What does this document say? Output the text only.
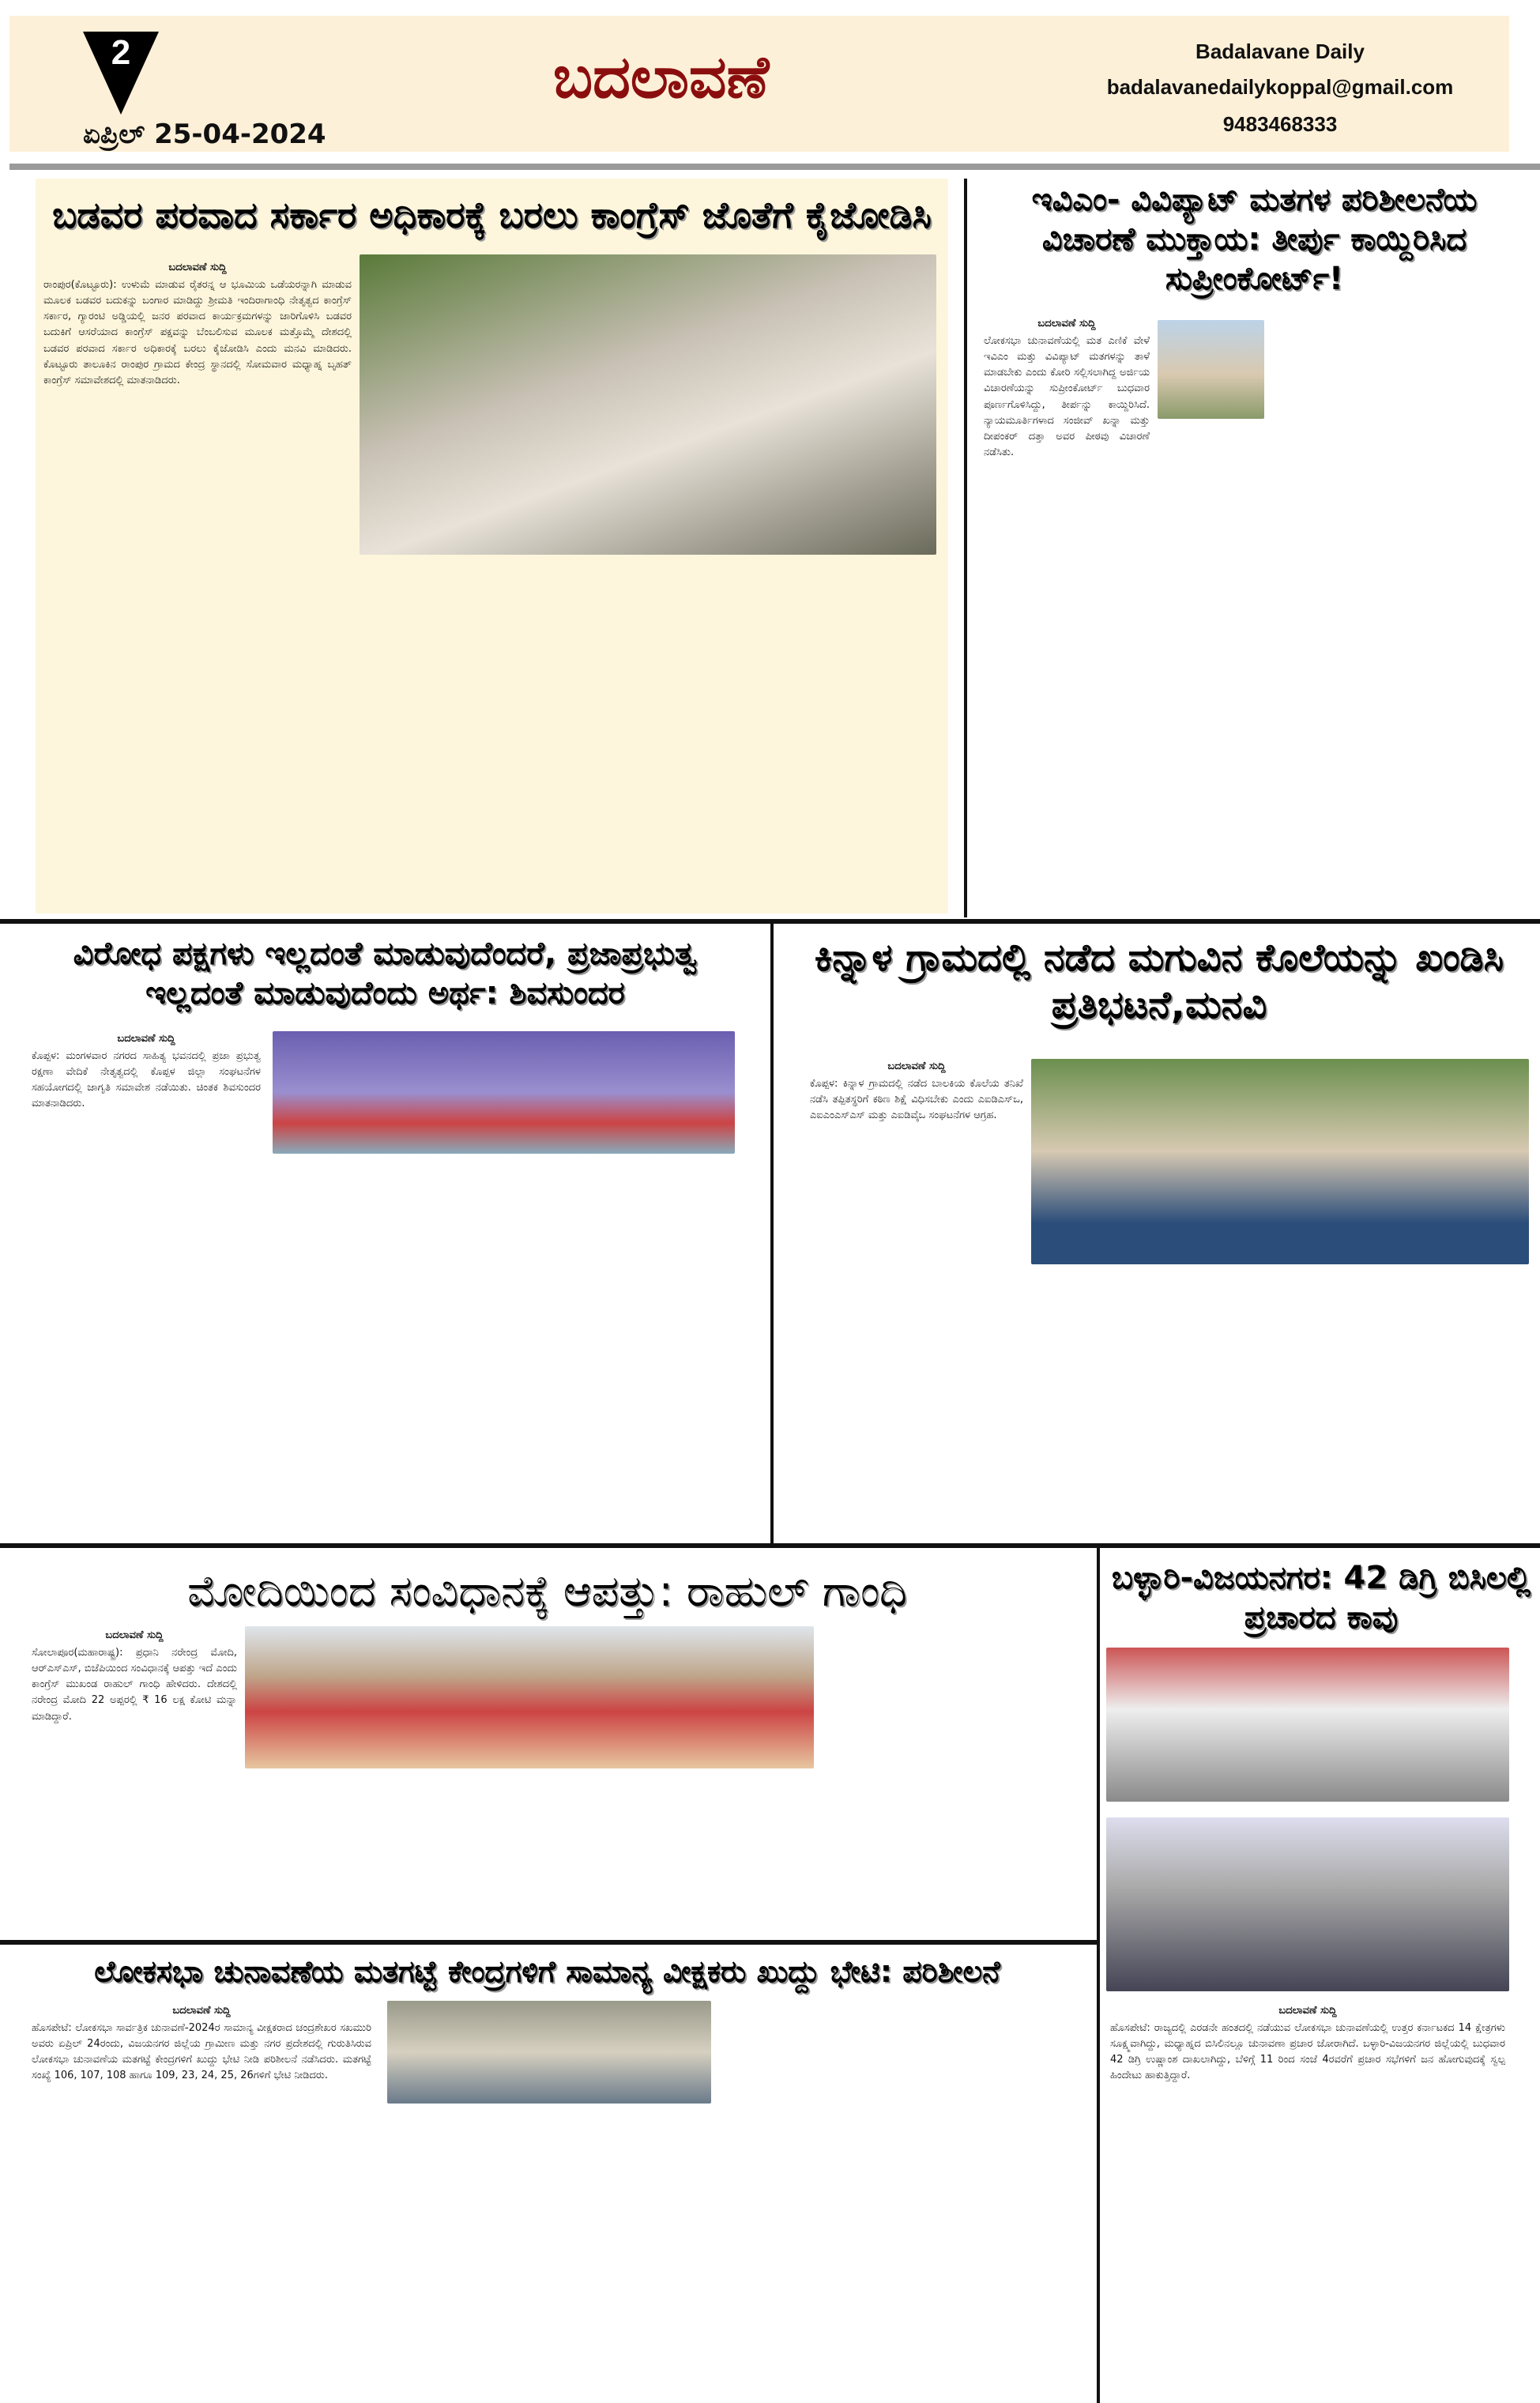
2
ಏಪ್ರಿಲ್ 25-04-2024
ಬದಲಾವಣೆ	Badalavane Daily
badalavanedailykoppal@gmail.com
9483468333
ಬಡವರ ಪರವಾದ ಸರ್ಕಾರ ಅಧಿಕಾರಕ್ಕೆ ಬರಲು ಕಾಂಗ್ರೆಸ್ ಜೊತೆಗೆ ಕೈಜೋಡಿಸಿ
ಬದಲಾವಣೆ ಸುದ್ದಿ
ರಾಂಪುರ(ಕೊಟ್ಟೂರು): ಉಳುಮೆ ಮಾಡುವ ರೈತರನ್ನ ಆ ಭೂಮಿಯ ಒಡೆಯರನ್ನಾಗಿ ಮಾಡುವ ಮೂಲಕ ಬಡವರ ಬದುಕನ್ನು ಬಂಗಾರ ಮಾಡಿದ್ದು ಶ್ರೀಮತಿ ಇಂದಿರಾಗಾಂಧಿ ನೇತೃತ್ವದ ಕಾಂಗ್ರೆಸ್ ಸರ್ಕಾರ, ಗ್ಯಾರಂಟಿ ಅಡ್ಡಿಯಲ್ಲಿ ಜನರ ಪರವಾದ ಕಾರ್ಯಕ್ರಮಗಳನ್ನು ಜಾರಿಗೊಳಿಸಿ ಬಡವರ ಬದುಕಿಗೆ ಆಸರೆಯಾದ ಕಾಂಗ್ರೆಸ್ ಪಕ್ಷವನ್ನು ಬೆಂಬಲಿಸುವ ಮೂಲಕ ಮತ್ತೊಮ್ಮೆ ದೇಶದಲ್ಲಿ ಬಡವರ ಪರವಾದ ಸರ್ಕಾರ ಅಧಿಕಾರಕ್ಕೆ ಬರಲು ಕೈಜೋಡಿಸಿ ಎಂದು ಮನವಿ ಮಾಡಿದರು. ಕೊಟ್ಟೂರು ತಾಲೂಕಿನ ರಾಂಪುರ ಗ್ರಾಮದ ಕೇಂದ್ರ ಸ್ಥಾನದಲ್ಲಿ ಸೋಮವಾರ ಮಧ್ಯಾಹ್ನ ಬೃಹತ್ ಕಾಂಗ್ರೆಸ್ ಸಮಾವೇಶದಲ್ಲಿ ಮಾತನಾಡಿದರು.
ಇವಿಎಂ- ವಿವಿಪ್ಯಾಟ್ ಮತಗಳ ಪರಿಶೀಲನೆಯ ವಿಚಾರಣೆ ಮುಕ್ತಾಯ: ತೀರ್ಪು ಕಾಯ್ದಿರಿಸಿದ ಸುಪ್ರೀಂಕೋರ್ಟ್!
ಬದಲಾವಣೆ ಸುದ್ದಿ
ಲೋಕಸಭಾ ಚುನಾವಣೆಯಲ್ಲಿ ಮತ ಎಣಿಕೆ ವೇಳೆ ಇವಿಎಂ ಮತ್ತು ವಿವಿಪ್ಯಾಟ್ ಮತಗಳನ್ನು ತಾಳೆ ಮಾಡಬೇಕು ಎಂದು ಕೋರಿ ಸಲ್ಲಿಸಲಾಗಿದ್ದ ಅರ್ಜಿಯ ವಿಚಾರಣೆಯನ್ನು ಸುಪ್ರೀಂಕೋರ್ಟ್ ಬುಧವಾರ ಪೂರ್ಣಗೊಳಿಸಿದ್ದು, ತೀರ್ಪನ್ನು ಕಾಯ್ದಿರಿಸಿದೆ. ನ್ಯಾಯಮೂರ್ತಿಗಳಾದ ಸಂಜೀವ್ ಖನ್ನಾ ಮತ್ತು ದೀಪಂಕರ್ ದತ್ತಾ ಅವರ ಪೀಠವು ವಿಚಾರಣೆ ನಡೆಸಿತು.
ವಿರೋಧ ಪಕ್ಷಗಳು ಇಲ್ಲದಂತೆ ಮಾಡುವುದೆಂದರೆ, ಪ್ರಜಾಪ್ರಭುತ್ವ ಇಲ್ಲದಂತೆ ಮಾಡುವುದೆಂದು ಅರ್ಥ: ಶಿವಸುಂದರ
ಬದಲಾವಣೆ ಸುದ್ದಿ
ಕೊಪ್ಪಳ: ಮಂಗಳವಾರ ನಗರದ ಸಾಹಿತ್ಯ ಭವನದಲ್ಲಿ ಪ್ರಜಾ ಪ್ರಭುತ್ವ ರಕ್ಷಣಾ ವೇದಿಕೆ ನೇತೃತ್ವದಲ್ಲಿ ಕೊಪ್ಪಳ ಜಿಲ್ಲಾ ಸಂಘಟನೆಗಳ ಸಹಯೋಗದಲ್ಲಿ ಜಾಗೃತಿ ಸಮಾವೇಶ ನಡೆಯಿತು. ಚಿಂತಕ ಶಿವಸುಂದರ ಮಾತನಾಡಿದರು.
ಕಿನ್ನಾಳ ಗ್ರಾಮದಲ್ಲಿ ನಡೆದ ಮಗುವಿನ ಕೊಲೆಯನ್ನು ಖಂಡಿಸಿ ಪ್ರತಿಭಟನೆ,ಮನವಿ
ಬದಲಾವಣೆ ಸುದ್ದಿ
ಕೊಪ್ಪಳ: ಕಿನ್ನಾಳ ಗ್ರಾಮದಲ್ಲಿ ನಡೆದ ಬಾಲಕಿಯ ಕೊಲೆಯ ತನಿಖೆ ನಡೆಸಿ ತಪ್ಪಿತಸ್ಥರಿಗೆ ಕಠಿಣ ಶಿಕ್ಷೆ ವಿಧಿಸಬೇಕು ಎಂದು ಎಐಡಿಎಸ್‌ಒ, ಎಐಎಂಎಸ್‌ಎಸ್ ಮತ್ತು ಎಐಡಿವೈಒ ಸಂಘಟನೆಗಳ ಆಗ್ರಹ.
ಮೋದಿಯಿಂದ ಸಂವಿಧಾನಕ್ಕೆ ಆಪತ್ತು: ರಾಹುಲ್ ಗಾಂಧಿ
ಬದಲಾವಣೆ ಸುದ್ದಿ
ಸೋಲಾಪೂರ(ಮಹಾರಾಷ್ಟ್ರ): ಪ್ರಧಾನಿ ನರೇಂದ್ರ ಮೋದಿ, ಆರ್‌ಎಸ್‌ಎಸ್, ಬಿಜೆಪಿಯಿಂದ ಸಂವಿಧಾನಕ್ಕೆ ಆಪತ್ತು ಇದೆ ಎಂದು ಕಾಂಗ್ರೆಸ್ ಮುಖಂಡ ರಾಹುಲ್ ಗಾಂಧಿ ಹೇಳಿದರು. ದೇಶದಲ್ಲಿ ನರೇಂದ್ರ ಮೋದಿ 22 ಅಪ್ಪರಲ್ಲಿ ₹ 16 ಲಕ್ಷ ಕೋಟಿ ಮನ್ನಾ ಮಾಡಿದ್ದಾರೆ.
ಬಳ್ಳಾರಿ-ವಿಜಯನಗರ: 42 ಡಿಗ್ರಿ ಬಿಸಿಲಲ್ಲಿ ಪ್ರಚಾರದ ಕಾವು
ಬದಲಾವಣೆ ಸುದ್ದಿ
ಹೊಸಪೇಟೆ: ರಾಜ್ಯದಲ್ಲಿ ಎರಡನೇ ಹಂತದಲ್ಲಿ ನಡೆಯುವ ಲೋಕಸಭಾ ಚುನಾವಣೆಯಲ್ಲಿ ಉತ್ತರ ಕರ್ನಾಟಕದ 14 ಕ್ಷೇತ್ರಗಳು ಸೂಕ್ಷ್ಮವಾಗಿದ್ದು, ಮಧ್ಯಾಹ್ನದ ಬಿಸಿಲಿನಲ್ಲೂ ಚುನಾವಣಾ ಪ್ರಚಾರ ಜೋರಾಗಿದೆ. ಬಳ್ಳಾರಿ-ವಿಜಯನಗರ ಜಿಲ್ಲೆಯಲ್ಲಿ ಬುಧವಾರ 42 ಡಿಗ್ರಿ ಉಷ್ಣಾಂಶ ದಾಖಲಾಗಿದ್ದು, ಬೆಳಿಗ್ಗೆ 11 ರಿಂದ ಸಂಜೆ 4ರವರೆಗೆ ಪ್ರಚಾರ ಸಭೆಗಳಿಗೆ ಜನ ಹೋಗುವುದಕ್ಕೆ ಸ್ವಲ್ಪ ಹಿಂದೇಟು ಹಾಕುತ್ತಿದ್ದಾರೆ.
ಲೋಕಸಭಾ ಚುನಾವಣೆಯ ಮತಗಟ್ಟೆ ಕೇಂದ್ರಗಳಿಗೆ ಸಾಮಾನ್ಯ ವೀಕ್ಷಕರು ಖುದ್ದು ಭೇಟಿ: ಪರಿಶೀಲನೆ
ಬದಲಾವಣೆ ಸುದ್ದಿ
ಹೊಸಪೇಟೆ: ಲೋಕಸಭಾ ಸಾರ್ವತ್ರಿಕ ಚುನಾವಣೆ-2024ರ ಸಾಮಾನ್ಯ ವೀಕ್ಷಕರಾದ ಚಂದ್ರಶೇಖರ ಸಖಮುರಿ ಅವರು ಏಪ್ರಿಲ್ 24ರಂದು, ವಿಜಯನಗರ ಜಿಲ್ಲೆಯ ಗ್ರಾಮೀಣ ಮತ್ತು ನಗರ ಪ್ರದೇಶದಲ್ಲಿ ಗುರುತಿಸಿರುವ ಲೋಕಸಭಾ ಚುನಾವಣೆಯ ಮತಗಟ್ಟೆ ಕೇಂದ್ರಗಳಿಗೆ ಖುದ್ದು ಭೇಟಿ ನೀಡಿ ಪರಿಶೀಲನೆ ನಡೆಸಿದರು. ಮತಗಟ್ಟೆ ಸಂಖ್ಯೆ 106, 107, 108 ಹಾಗೂ 109, 23, 24, 25, 26ಗಳಿಗೆ ಭೇಟಿ ನೀಡಿದರು.
